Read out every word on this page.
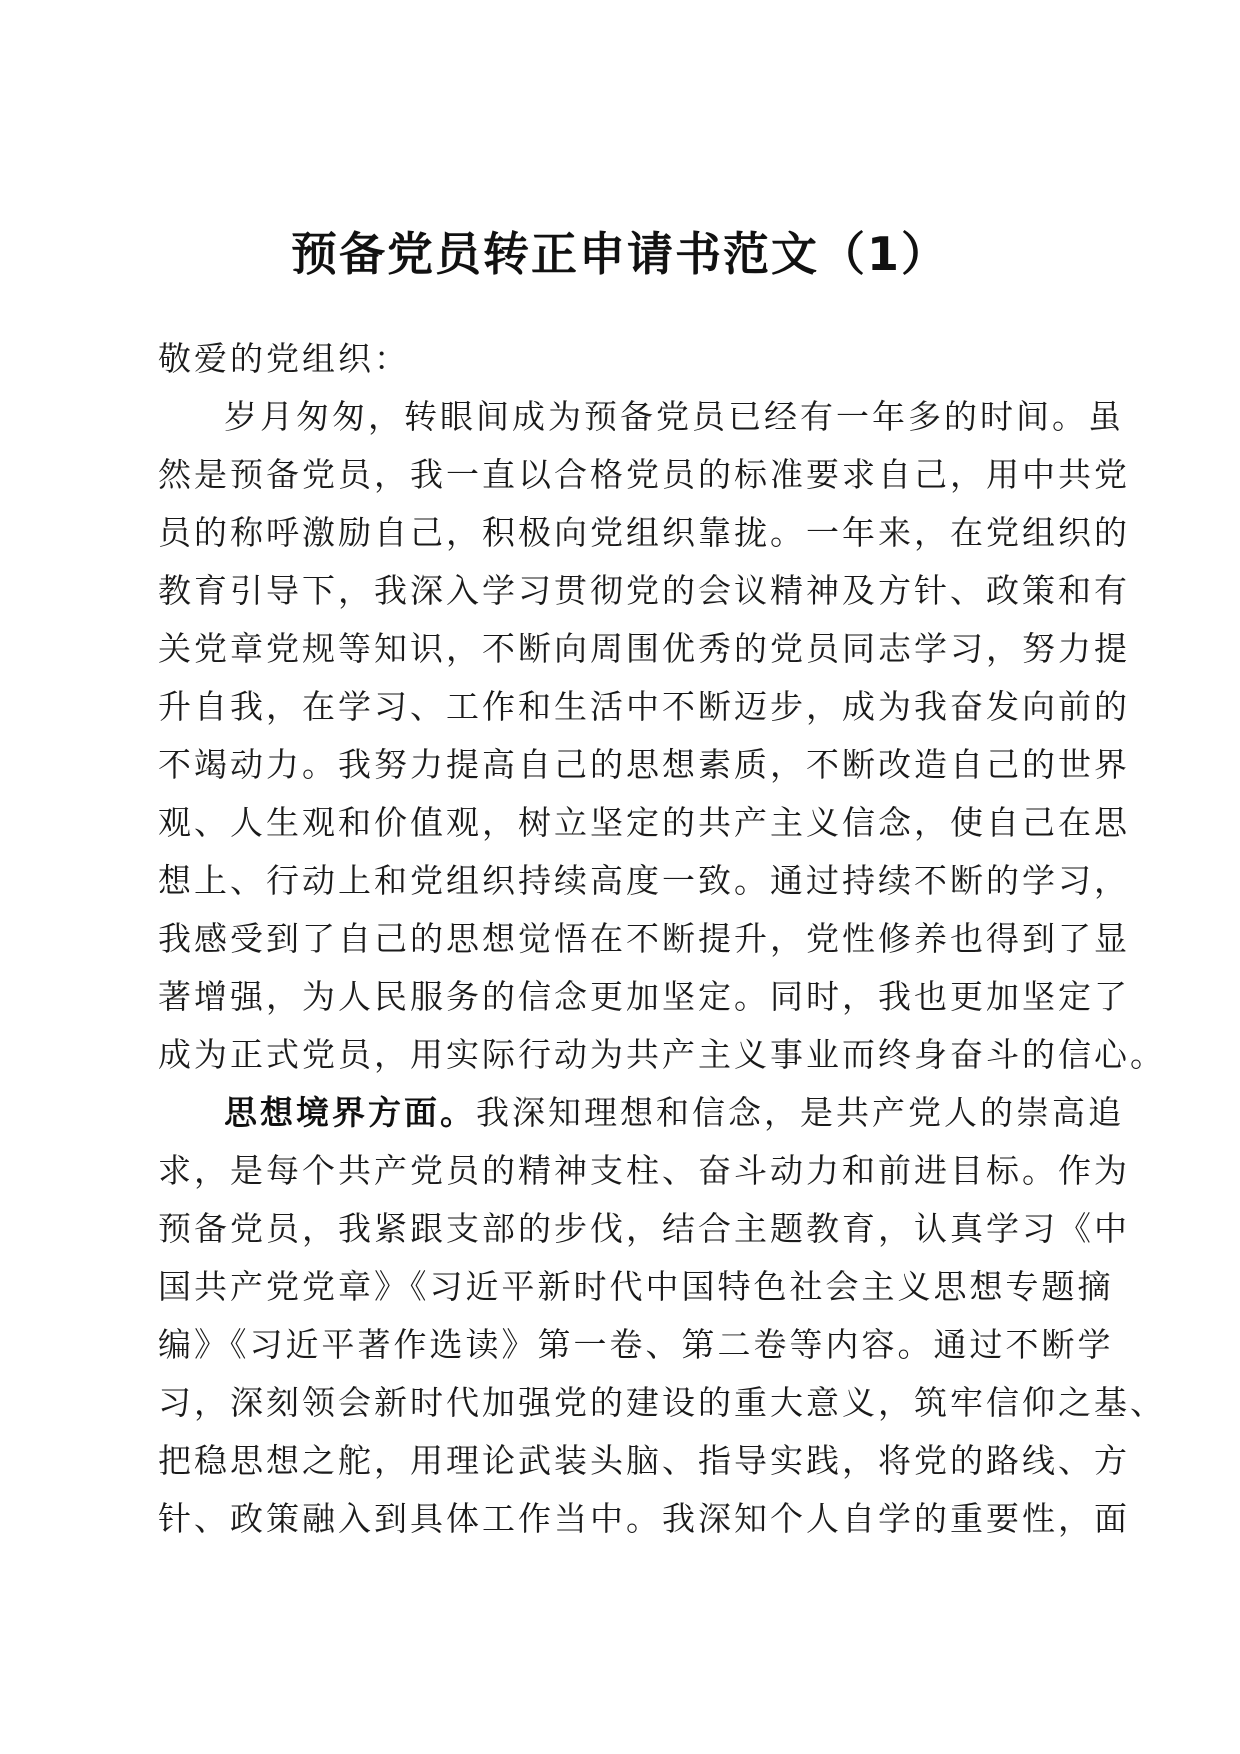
预备党员转正申请书范文（1）
敬爱的党组织：
岁月匆匆，转眼间成为预备党员已经有一年多的时间。虽
然是预备党员，我一直以合格党员的标准要求自己，用中共党
员的称呼激励自己，积极向党组织靠拢。一年来，在党组织的
教育引导下，我深入学习贯彻党的会议精神及方针、政策和有
关党章党规等知识，不断向周围优秀的党员同志学习，努力提
升自我，在学习、工作和生活中不断迈步，成为我奋发向前的
不竭动力。我努力提高自己的思想素质，不断改造自己的世界
观、人生观和价值观，树立坚定的共产主义信念，使自己在思
想上、行动上和党组织持续高度一致。通过持续不断的学习，
我感受到了自己的思想觉悟在不断提升，党性修养也得到了显
著增强，为人民服务的信念更加坚定。同时，我也更加坚定了
成为正式党员，用实际行动为共产主义事业而终身奋斗的信心。
思想境界方面。我深知理想和信念，是共产党人的崇高追
求，是每个共产党员的精神支柱、奋斗动力和前进目标。作为
预备党员，我紧跟支部的步伐，结合主题教育，认真学习《中
国共产党党章》《习近平新时代中国特色社会主义思想专题摘
编》《习近平著作选读》第一卷、第二卷等内容。通过不断学
习，深刻领会新时代加强党的建设的重大意义，筑牢信仰之基、
把稳思想之舵，用理论武装头脑、指导实践，将党的路线、方
针、政策融入到具体工作当中。我深知个人自学的重要性，面
